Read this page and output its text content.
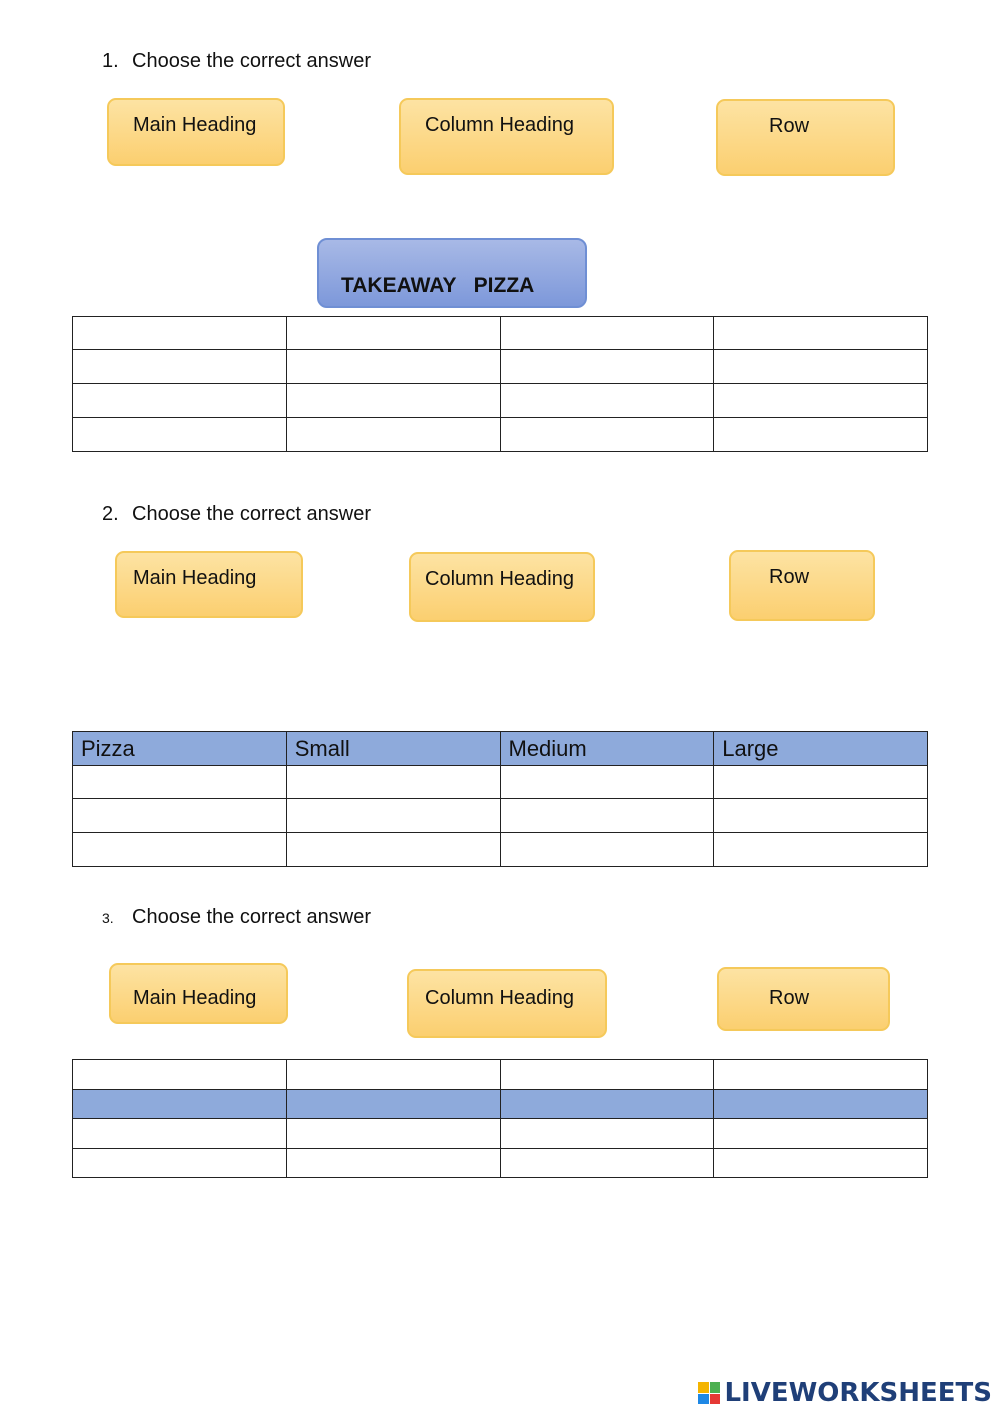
1. Choose the correct answer
Main Heading	Column Heading	Row
TAKEAWAY   PIZZA

2. Choose the correct answer
Main Heading	Column Heading	Row
Pizza	Small	Medium	Large

3. Choose the correct answer
Main Heading	Column Heading	Row

LIVEWORKSHEETS
